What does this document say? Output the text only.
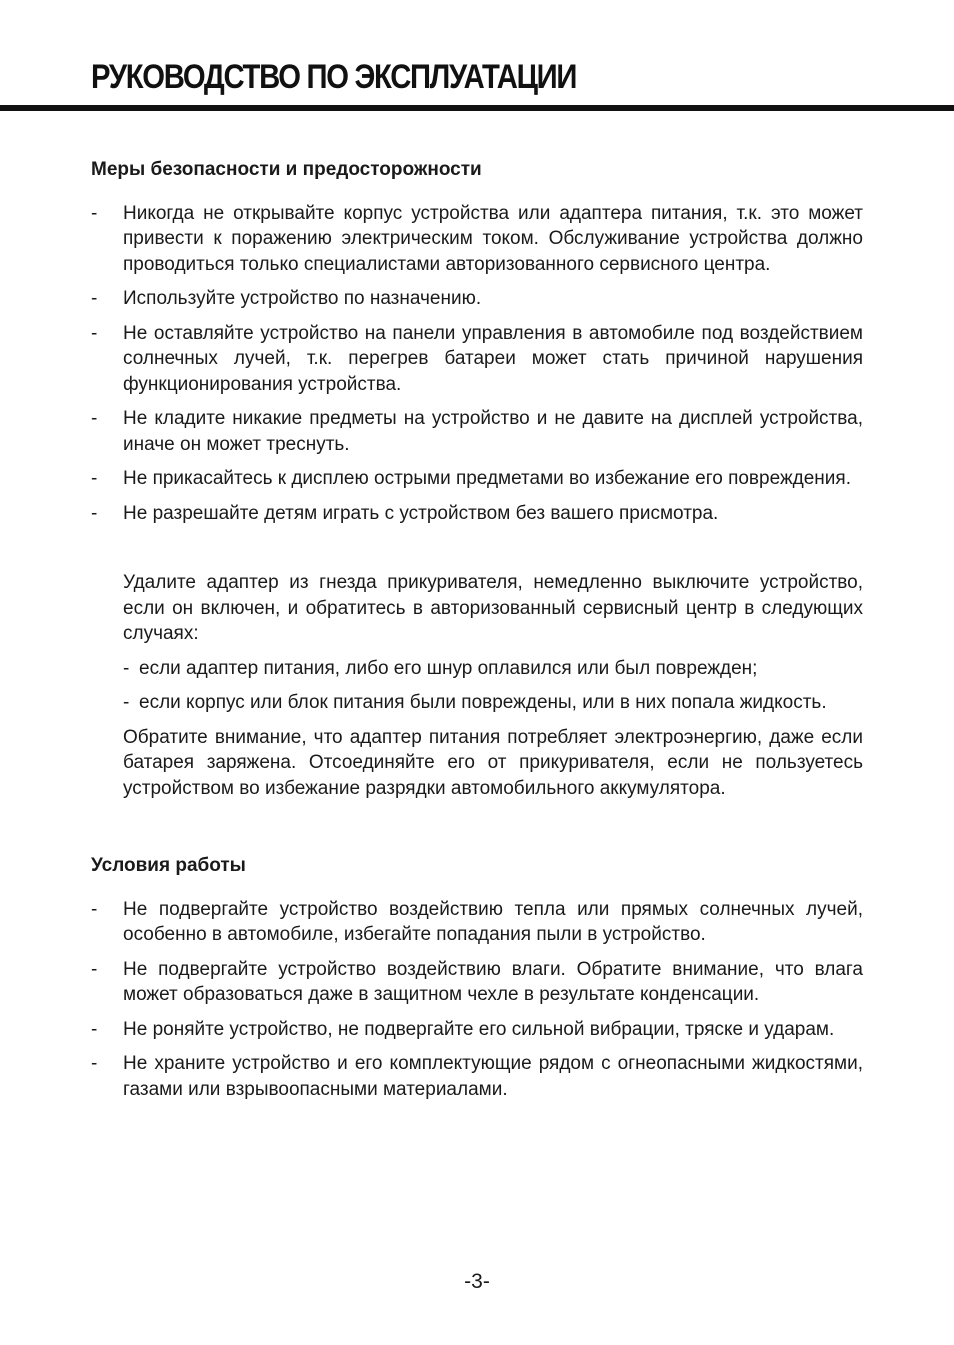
РУКОВОДСТВО ПО ЭКСПЛУАТАЦИИ
Меры безопасности и предосторожности
- Никогда не открывайте корпус устройства или адаптера питания, т.к. это может привести к поражению электрическим током. Обслуживание устройства должно проводиться только специалистами авторизованного сервисного центра.
- Используйте устройство по назначению.
- Не оставляйте устройство на панели управления в автомобиле под воздействием солнечных лучей, т.к. перегрев батареи может стать причиной нарушения функционирования устройства.
- Не кладите никакие предметы на устройство и не давите на дисплей устройства, иначе он может треснуть.
- Не прикасайтесь к дисплею острыми предметами во избежание его повреждения.
- Не разрешайте детям играть с устройством без вашего присмотра.

Удалите адаптер из гнезда прикуривателя, немедленно выключите устройство, если он включен, и обратитесь в авторизованный сервисный центр в следующих случаях:

- если адаптер питания, либо его шнур оплавился или был поврежден;
- если корпус или блок питания были повреждены, или в них попала жидкость.

Обратите внимание, что адаптер питания потребляет электроэнергию, даже если батарея заряжена. Отсоединяйте его от прикуривателя, если не пользуетесь устройством во избежание разрядки автомобильного аккумулятора.

Условия работы
- Не подвергайте устройство воздействию тепла или прямых солнечных лучей, особенно в автомобиле, избегайте попадания пыли в устройство.
- Не подвергайте устройство воздействию влаги. Обратите внимание, что влага может образоваться даже в защитном чехле в результате конденсации.
- Не роняйте устройство, не подвергайте его сильной вибрации, тряске и ударам.
- Не храните устройство и его комплектующие рядом с огнеопасными жидкостями, газами или взрывоопасными материалами.
-3-
